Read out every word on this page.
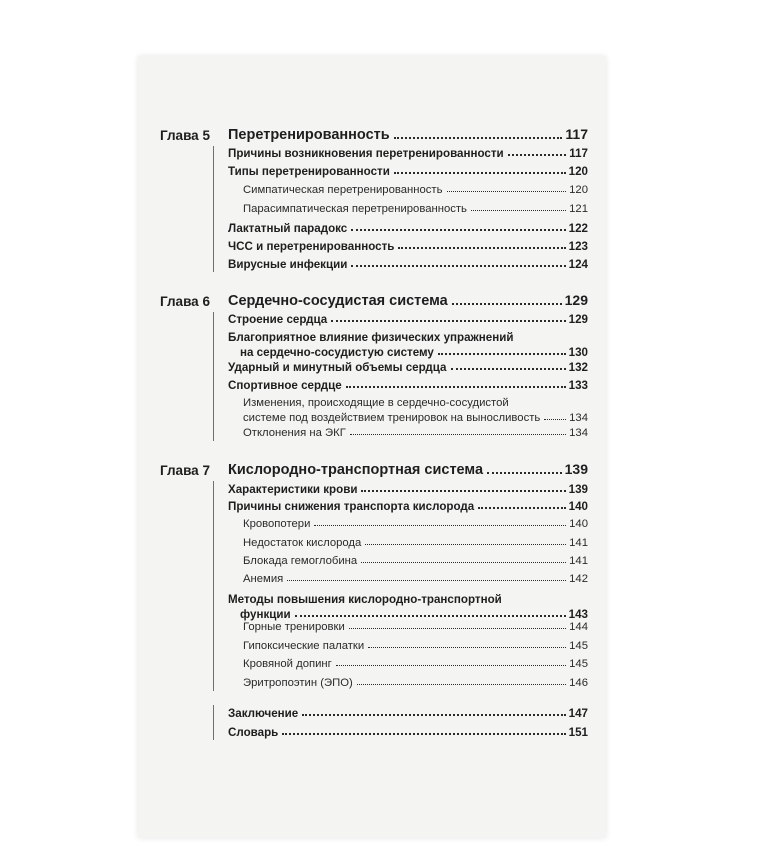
Глава 5	Перетренированность	117
Причины возникновения перетренированности	117
Типы перетренированности	120
Симпатическая перетренированность	120
Парасимпатическая перетренированность	121
Лактатный парадокс	122
ЧСС и перетренированность	123
Вирусные инфекции	124
Глава 6	Сердечно-сосудистая система	129
Строение сердца	129
Благоприятное влияние физических упражнений
на сердечно-сосудистую систему	130
Ударный и минутный объемы сердца	132
Спортивное сердце	133
Изменения, происходящие в сердечно-сосудистой
системе под воздействием тренировок на выносливость	134
Отклонения на ЭКГ	134
Глава 7	Кислородно-транспортная система	139
Характеристики крови	139
Причины снижения транспорта кислорода	140
Кровопотери	140
Недостаток кислорода	141
Блокада гемоглобина	141
Анемия	142
Методы повышения кислородно-транспортной
функции	143
Горные тренировки	144
Гипоксические палатки	145
Кровяной допинг	145
Эритропоэтин (ЭПО)	146
Заключение	147
Словарь	151
